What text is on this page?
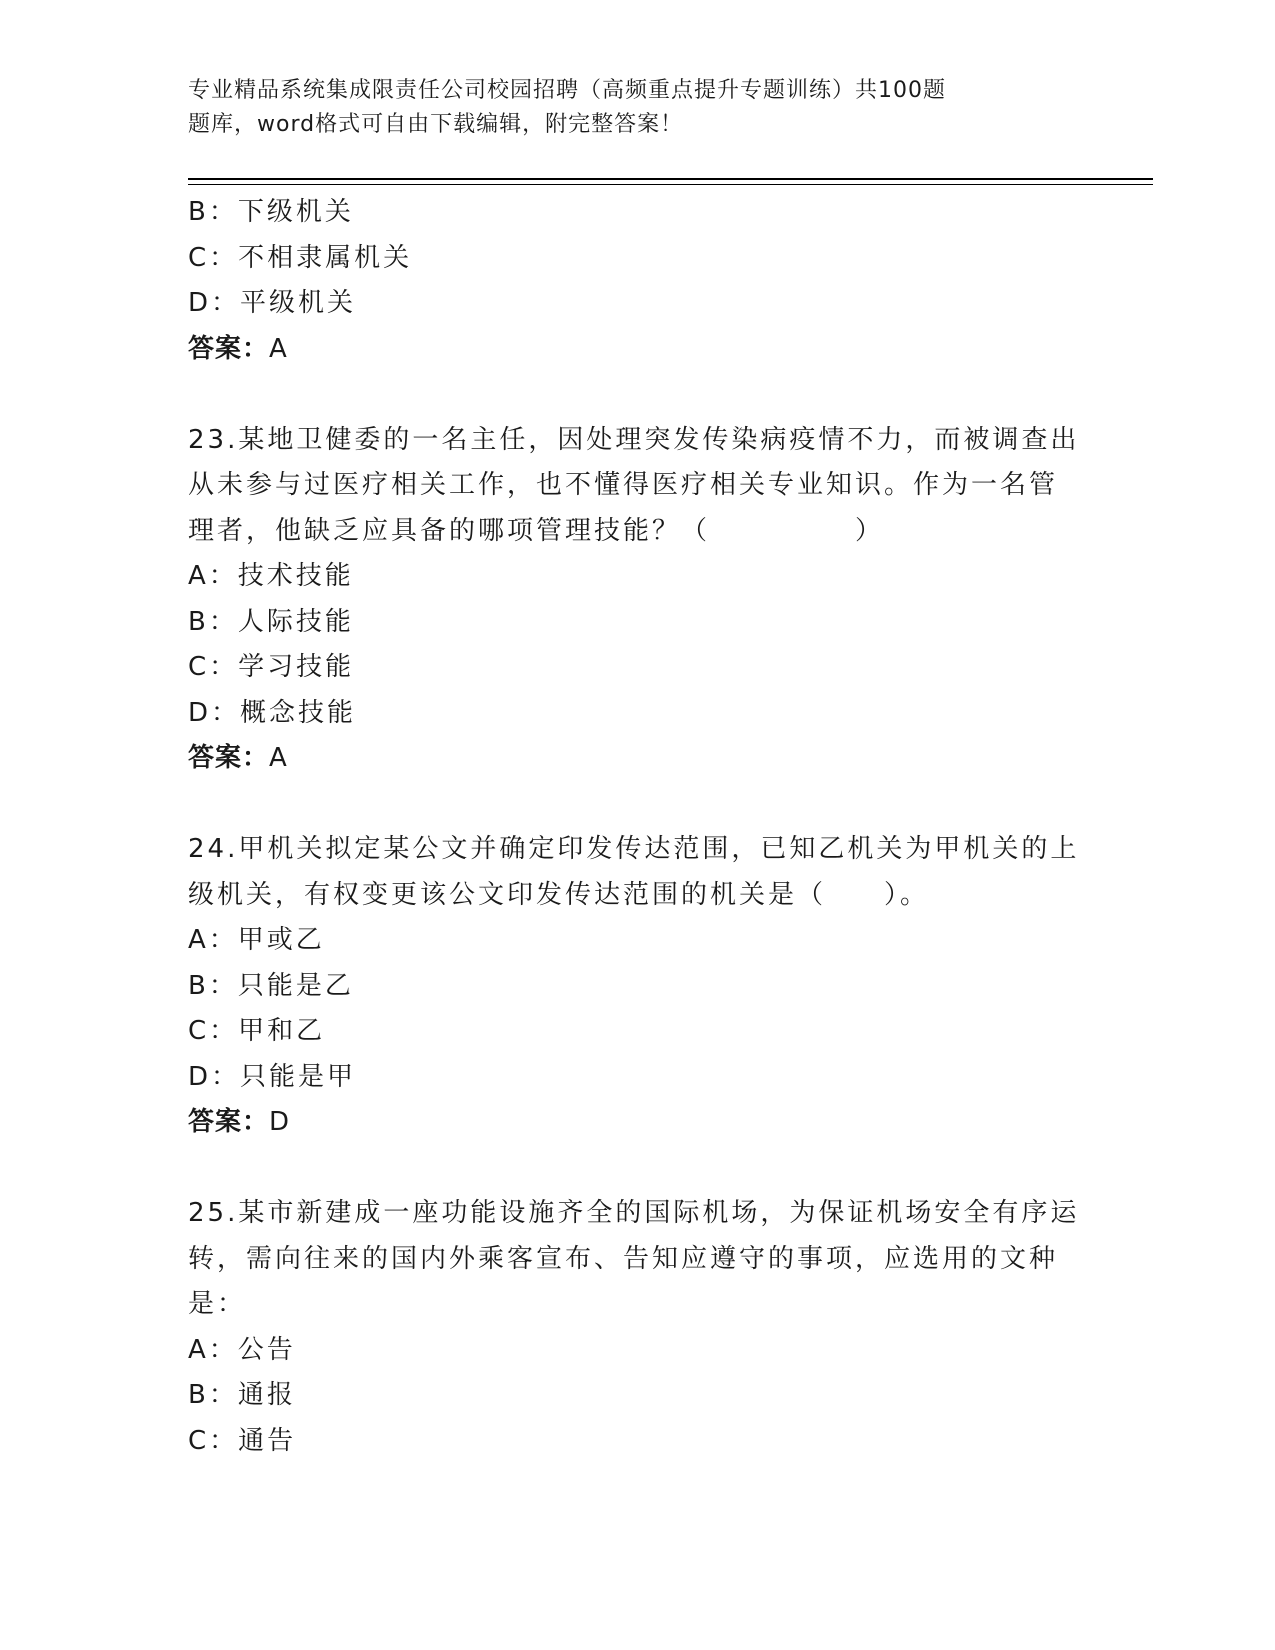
专业精品系统集成限责任公司校园招聘（高频重点提升专题训练）共100题
题库，word格式可自由下载编辑，附完整答案！
B：下级机关
C：不相隶属机关
D：平级机关
答案：A
23.某地卫健委的一名主任，因处理突发传染病疫情不力，而被调查出
从未参与过医疗相关工作，也不懂得医疗相关专业知识。作为一名管
理者，他缺乏应具备的哪项管理技能？（　　　　　）
A：技术技能
B：人际技能
C：学习技能
D：概念技能
答案：A
24.甲机关拟定某公文并确定印发传达范围，已知乙机关为甲机关的上
级机关，有权变更该公文印发传达范围的机关是（　　）。
A：甲或乙
B：只能是乙
C：甲和乙
D：只能是甲
答案：D
25.某市新建成一座功能设施齐全的国际机场，为保证机场安全有序运
转，需向往来的国内外乘客宣布、告知应遵守的事项，应选用的文种
是：
A：公告
B：通报
C：通告
